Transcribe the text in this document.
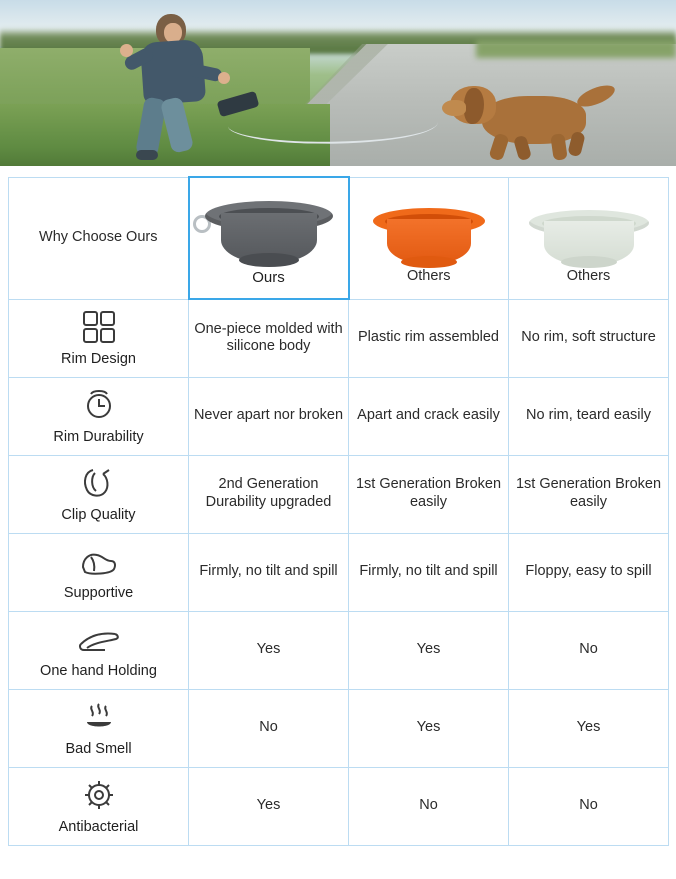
Why Choose Ours	Ours	Others	Others

Rim Design	One-piece molded with silicone body	Plastic rim assembled	No rim, soft structure

Rim Durability	Never apart nor broken	Apart and crack easily	No rim, teard easily

Clip Quality	2nd Generation Durability upgraded	1st Generation Broken easily	1st Generation Broken easily

Supportive	Firmly, no tilt and spill	Firmly, no tilt and spill	Floppy, easy to spill

One hand Holding	Yes	Yes	No

Bad Smell	No	Yes	Yes

Antibacterial	Yes	No	No
